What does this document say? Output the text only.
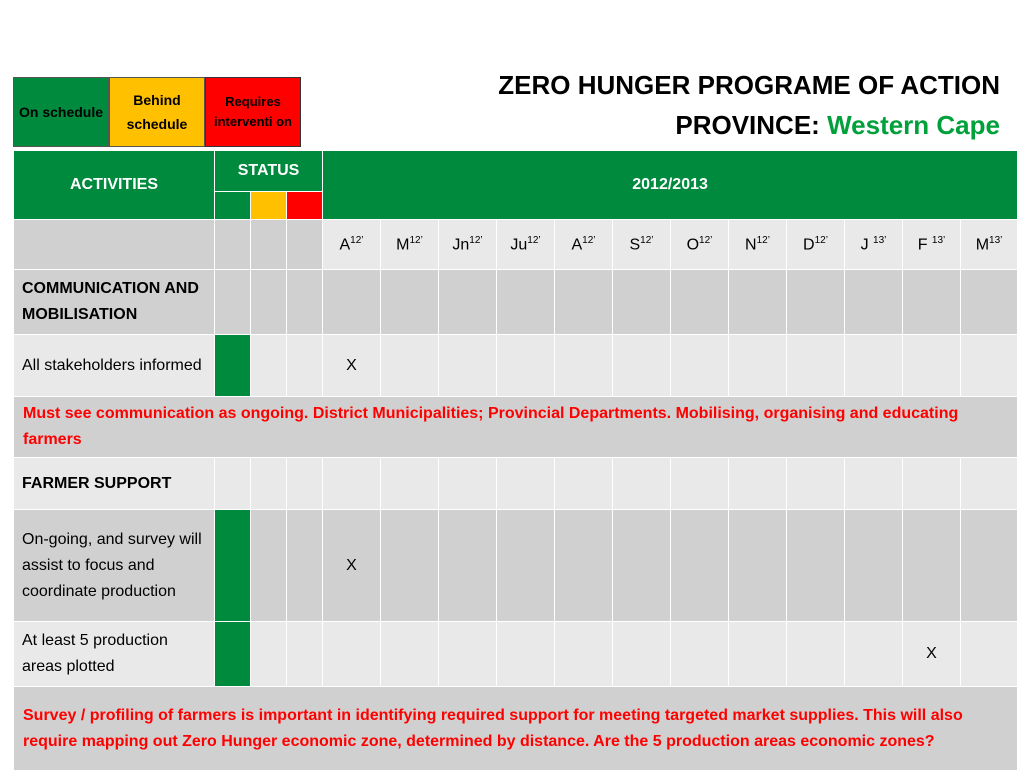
On schedule
Behind schedule
Requires interventi on
ZERO HUNGER PROGRAME OF ACTION
PROVINCE: Western Cape
ACTIVITIES	STATUS			2012/2013											

				$A^{12’}$	$M^{12’}$	$Jn^{12’}$	$Ju^{12’}$	$A^{12’}$	$S^{12’}$	$O^{12’}$	$N^{12’}$	$D^{12’}$	J $^{13’}$	F $^{13’}$	$M^{13’}$
COMMUNICATION AND MOBILISATION															
All stakeholders informed				X											
Must see communication as ongoing. District Municipalities; Provincial Departments. Mobilising, organising and educating farmers															
FARMER SUPPORT															
On-going, and survey will assist to focus and coordinate production				X											
At least 5 production areas plotted														X	
Survey / profiling of farmers is important in identifying required support for meeting targeted market supplies. This will also require mapping out Zero Hunger economic zone, determined by distance. Are the 5 production areas economic zones?															
